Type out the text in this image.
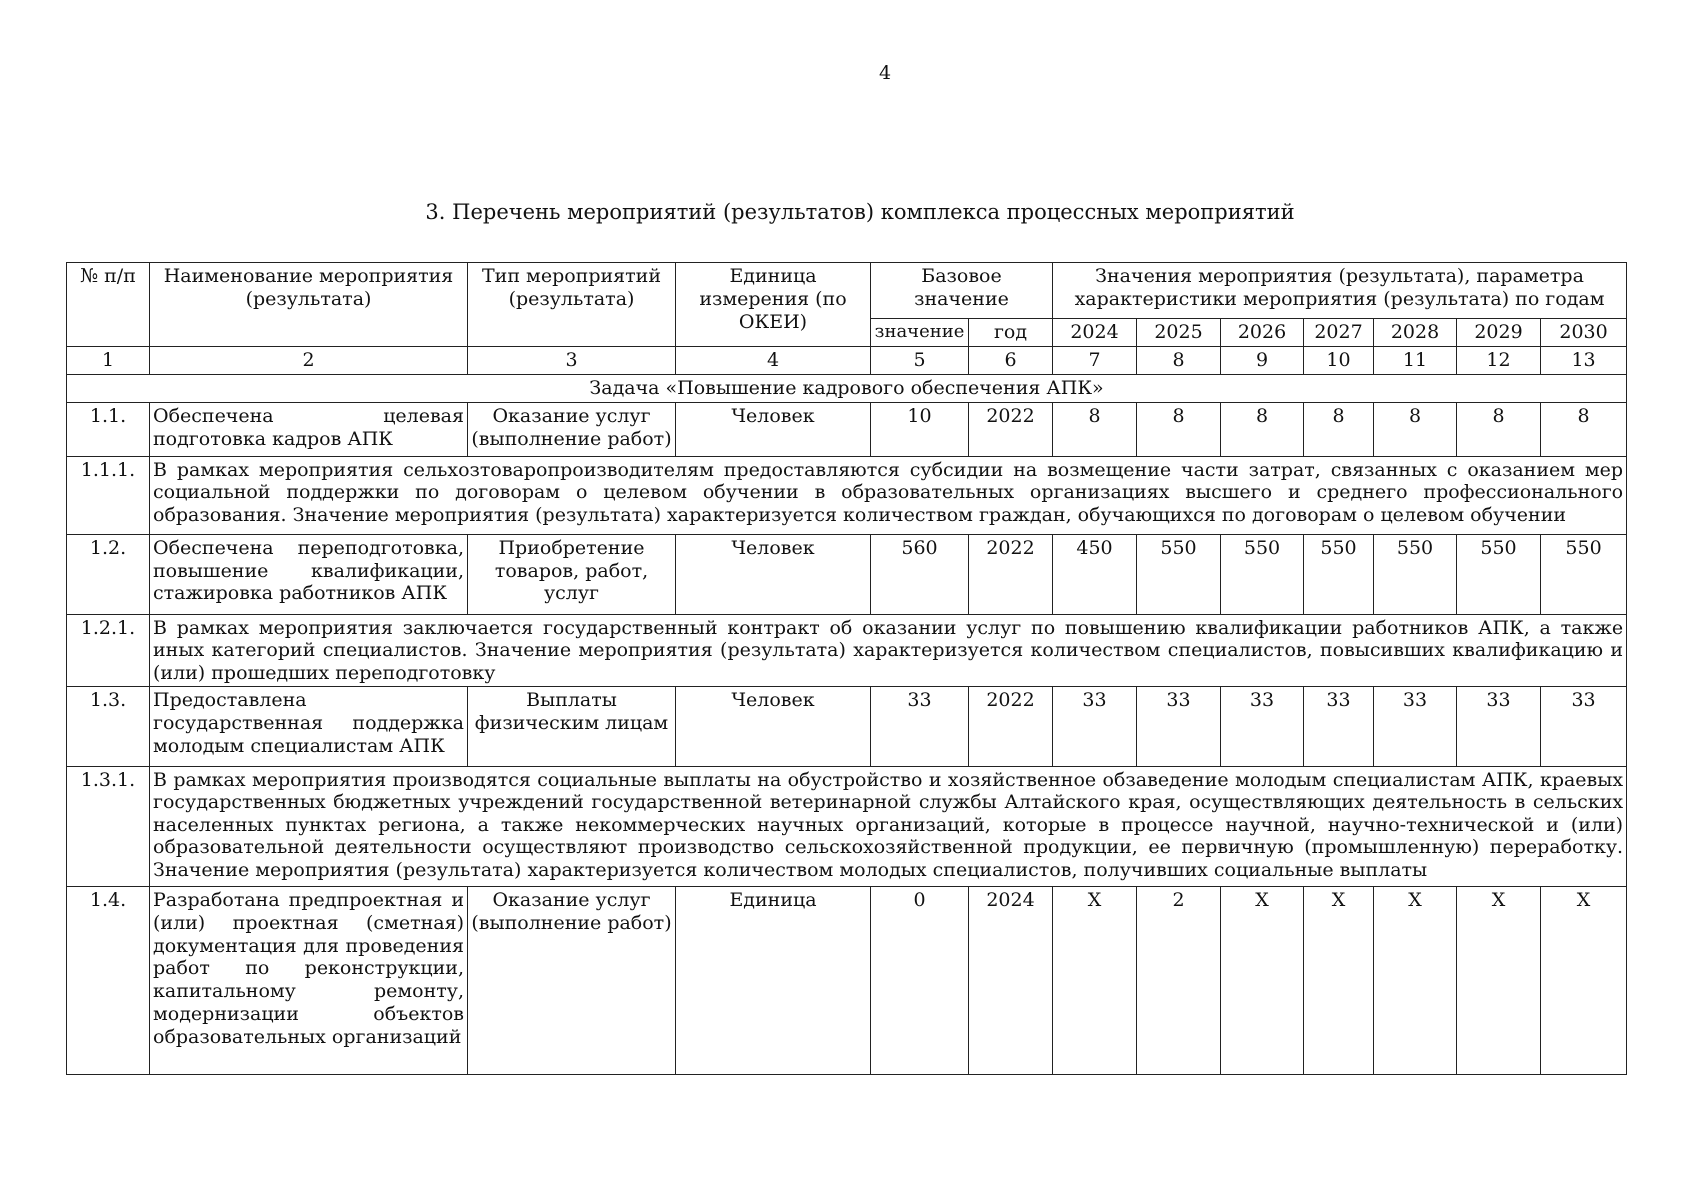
4
3. Перечень мероприятий (результатов) комплекса процессных мероприятий
№ п/п	Наименование мероприятия (результата)	Тип мероприятий (результата)	Единица измерения (по ОКЕИ)	Базовое значение		Значения мероприятия (результата), параметра характеристики мероприятия (результата) по годам						

				значение	год	2024	2025	2026	2027	2028	2029	2030
1	2	3	4	5	6	7	8	9	10	11	12	13
Задача «Повышение кадрового обеспечения АПК»												
1.1.	Обеспечена целевая подготовка кадров АПК	Оказание услуг (выполнение работ)	Человек	10	2022	8	8	8	8	8	8	8
1.1.1.	В рамках мероприятия сельхозтоваропроизводителям предоставляются субсидии на возмещение части затрат, связанных с оказанием мер социальной поддержки по договорам о целевом обучении в образовательных организациях высшего и среднего профессионального образования. Значение мероприятия (результата) характеризуется количеством граждан, обучающихся по договорам о целевом обучении											
1.2.	Обеспечена переподготовка, повышение квалификации, стажировка работников АПК	Приобретение товаров, работ, услуг	Человек	560	2022	450	550	550	550	550	550	550
1.2.1.	В рамках мероприятия заключается государственный контракт об оказании услуг по повышению квалификации работников АПК, а также иных категорий специалистов. Значение мероприятия (результата) характеризуется количеством специалистов, повысивших квалификацию и (или) прошедших переподготовку											
1.3.	Предоставлена государственная поддержка молодым специалистам АПК	Выплаты физическим лицам	Человек	33	2022	33	33	33	33	33	33	33
1.3.1.	В рамках мероприятия производятся социальные выплаты на обустройство и хозяйственное обзаведение молодым специалистам АПК, краевых государственных бюджетных учреждений государственной ветеринарной службы Алтайского края, осуществляющих деятельность в сельских населенных пунктах региона, а также некоммерческих научных организаций, которые в процессе научной, научно-технической и (или) образовательной деятельности осуществляют производство сельскохозяйственной продукции, ее первичную (промышленную) переработку. Значение мероприятия (результата) характеризуется количеством молодых специалистов, получивших социальные выплаты											
1.4.	Разработана предпроектная и (или) проектная (сметная) документация для проведения работ по реконструкции, капитальному ремонту, модернизации объектов образовательных организаций	Оказание услуг (выполнение работ)	Единица	0	2024	X	2	X	X	X	X	X
